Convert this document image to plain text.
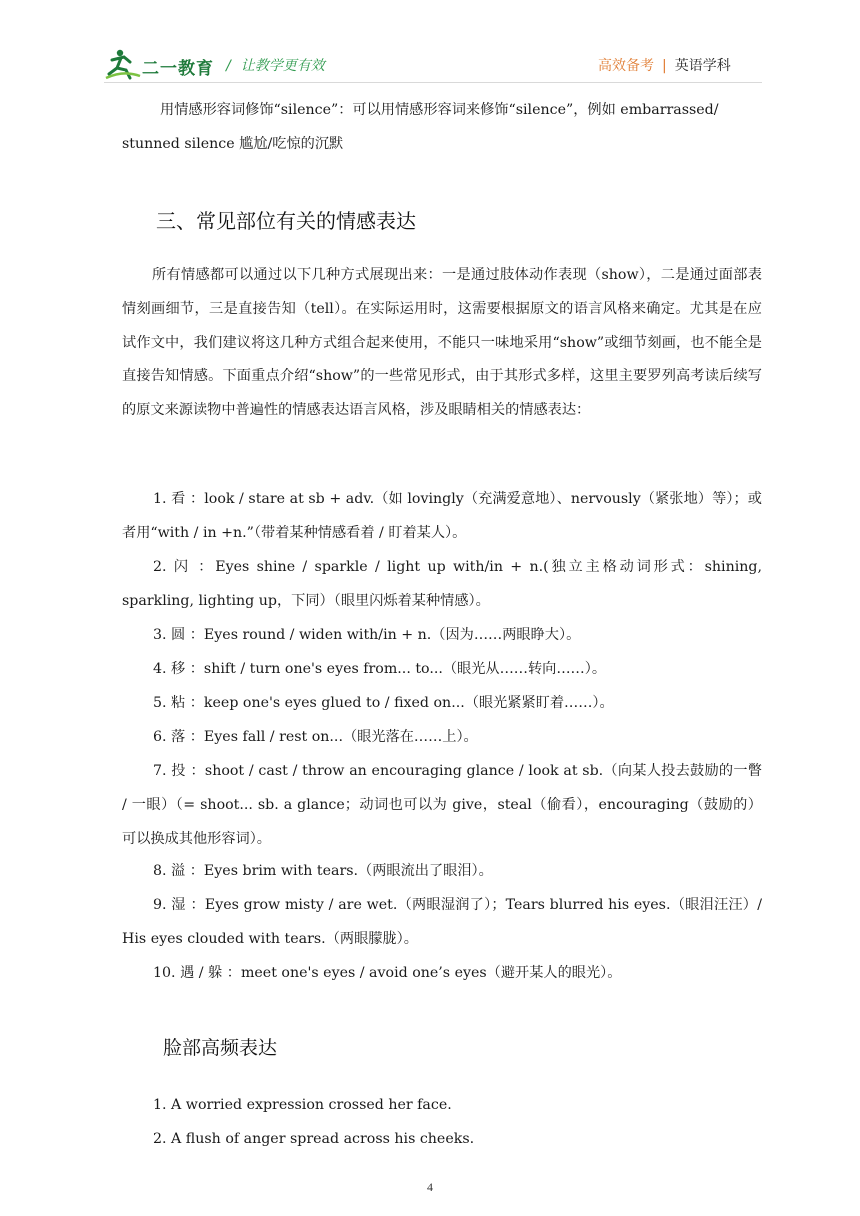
二一教育 / 让教学更有效	高效备考 | 英语学科
用情感形容词修饰“silence”：可以用情感形容词来修饰“silence”，例如 embarrassed/
stunned silence 尴尬/吃惊的沉默
三、常见部位有关的情感表达
所有情感都可以通过以下几种方式展现出来：一是通过肢体动作表现（show），二是通过面部表情刻画细节，三是直接告知（tell）。在实际运用时，这需要根据原文的语言风格来确定。尤其是在应试作文中，我们建议将这几种方式组合起来使用，不能只一味地采用“show”或细节刻画，也不能全是直接告知情感。下面重点介绍“show”的一些常见形式，由于其形式多样，这里主要罗列高考读后续写的原文来源读物中普遍性的情感表达语言风格，涉及眼睛相关的情感表达：
1. 看 ：look / stare at sb + adv.（如 lovingly（充满爱意地）、nervously（紧张地）等）；或者用“with / in +n.”（带着某种情感看着 / 盯着某人）。
2. 闪 ：Eyes shine / sparkle / light up with/in + n.(独立主格动词形式：shining, sparkling, lighting up，下同）（眼里闪烁着某种情感）。
3. 圆 ：Eyes round / widen with/in + n.（因为……两眼睁大）。
4. 移 ：shift / turn one's eyes from... to...（眼光从……转向……）。
5. 粘 ：keep one's eyes glued to / fixed on...（眼光紧紧盯着……）。
6. 落 ：Eyes fall / rest on...（眼光落在……上）。
7. 投 ：shoot / cast / throw an encouraging glance / look at sb.（向某人投去鼓励的一瞥 / 一眼）（= shoot... sb. a glance；动词也可以为 give，steal（偷看），encouraging（鼓励的）可以换成其他形容词）。
8. 溢 ：Eyes brim with tears.（两眼流出了眼泪）。
9. 湿 ：Eyes grow misty / are wet.（两眼湿润了）；Tears blurred his eyes.（眼泪汪汪）/ His eyes clouded with tears.（两眼朦胧）。
10. 遇 / 躲 ：meet one's eyes / avoid one’s eyes（避开某人的眼光）。
脸部高频表达
1. A worried expression crossed her face.
2. A flush of anger spread across his cheeks.
4
